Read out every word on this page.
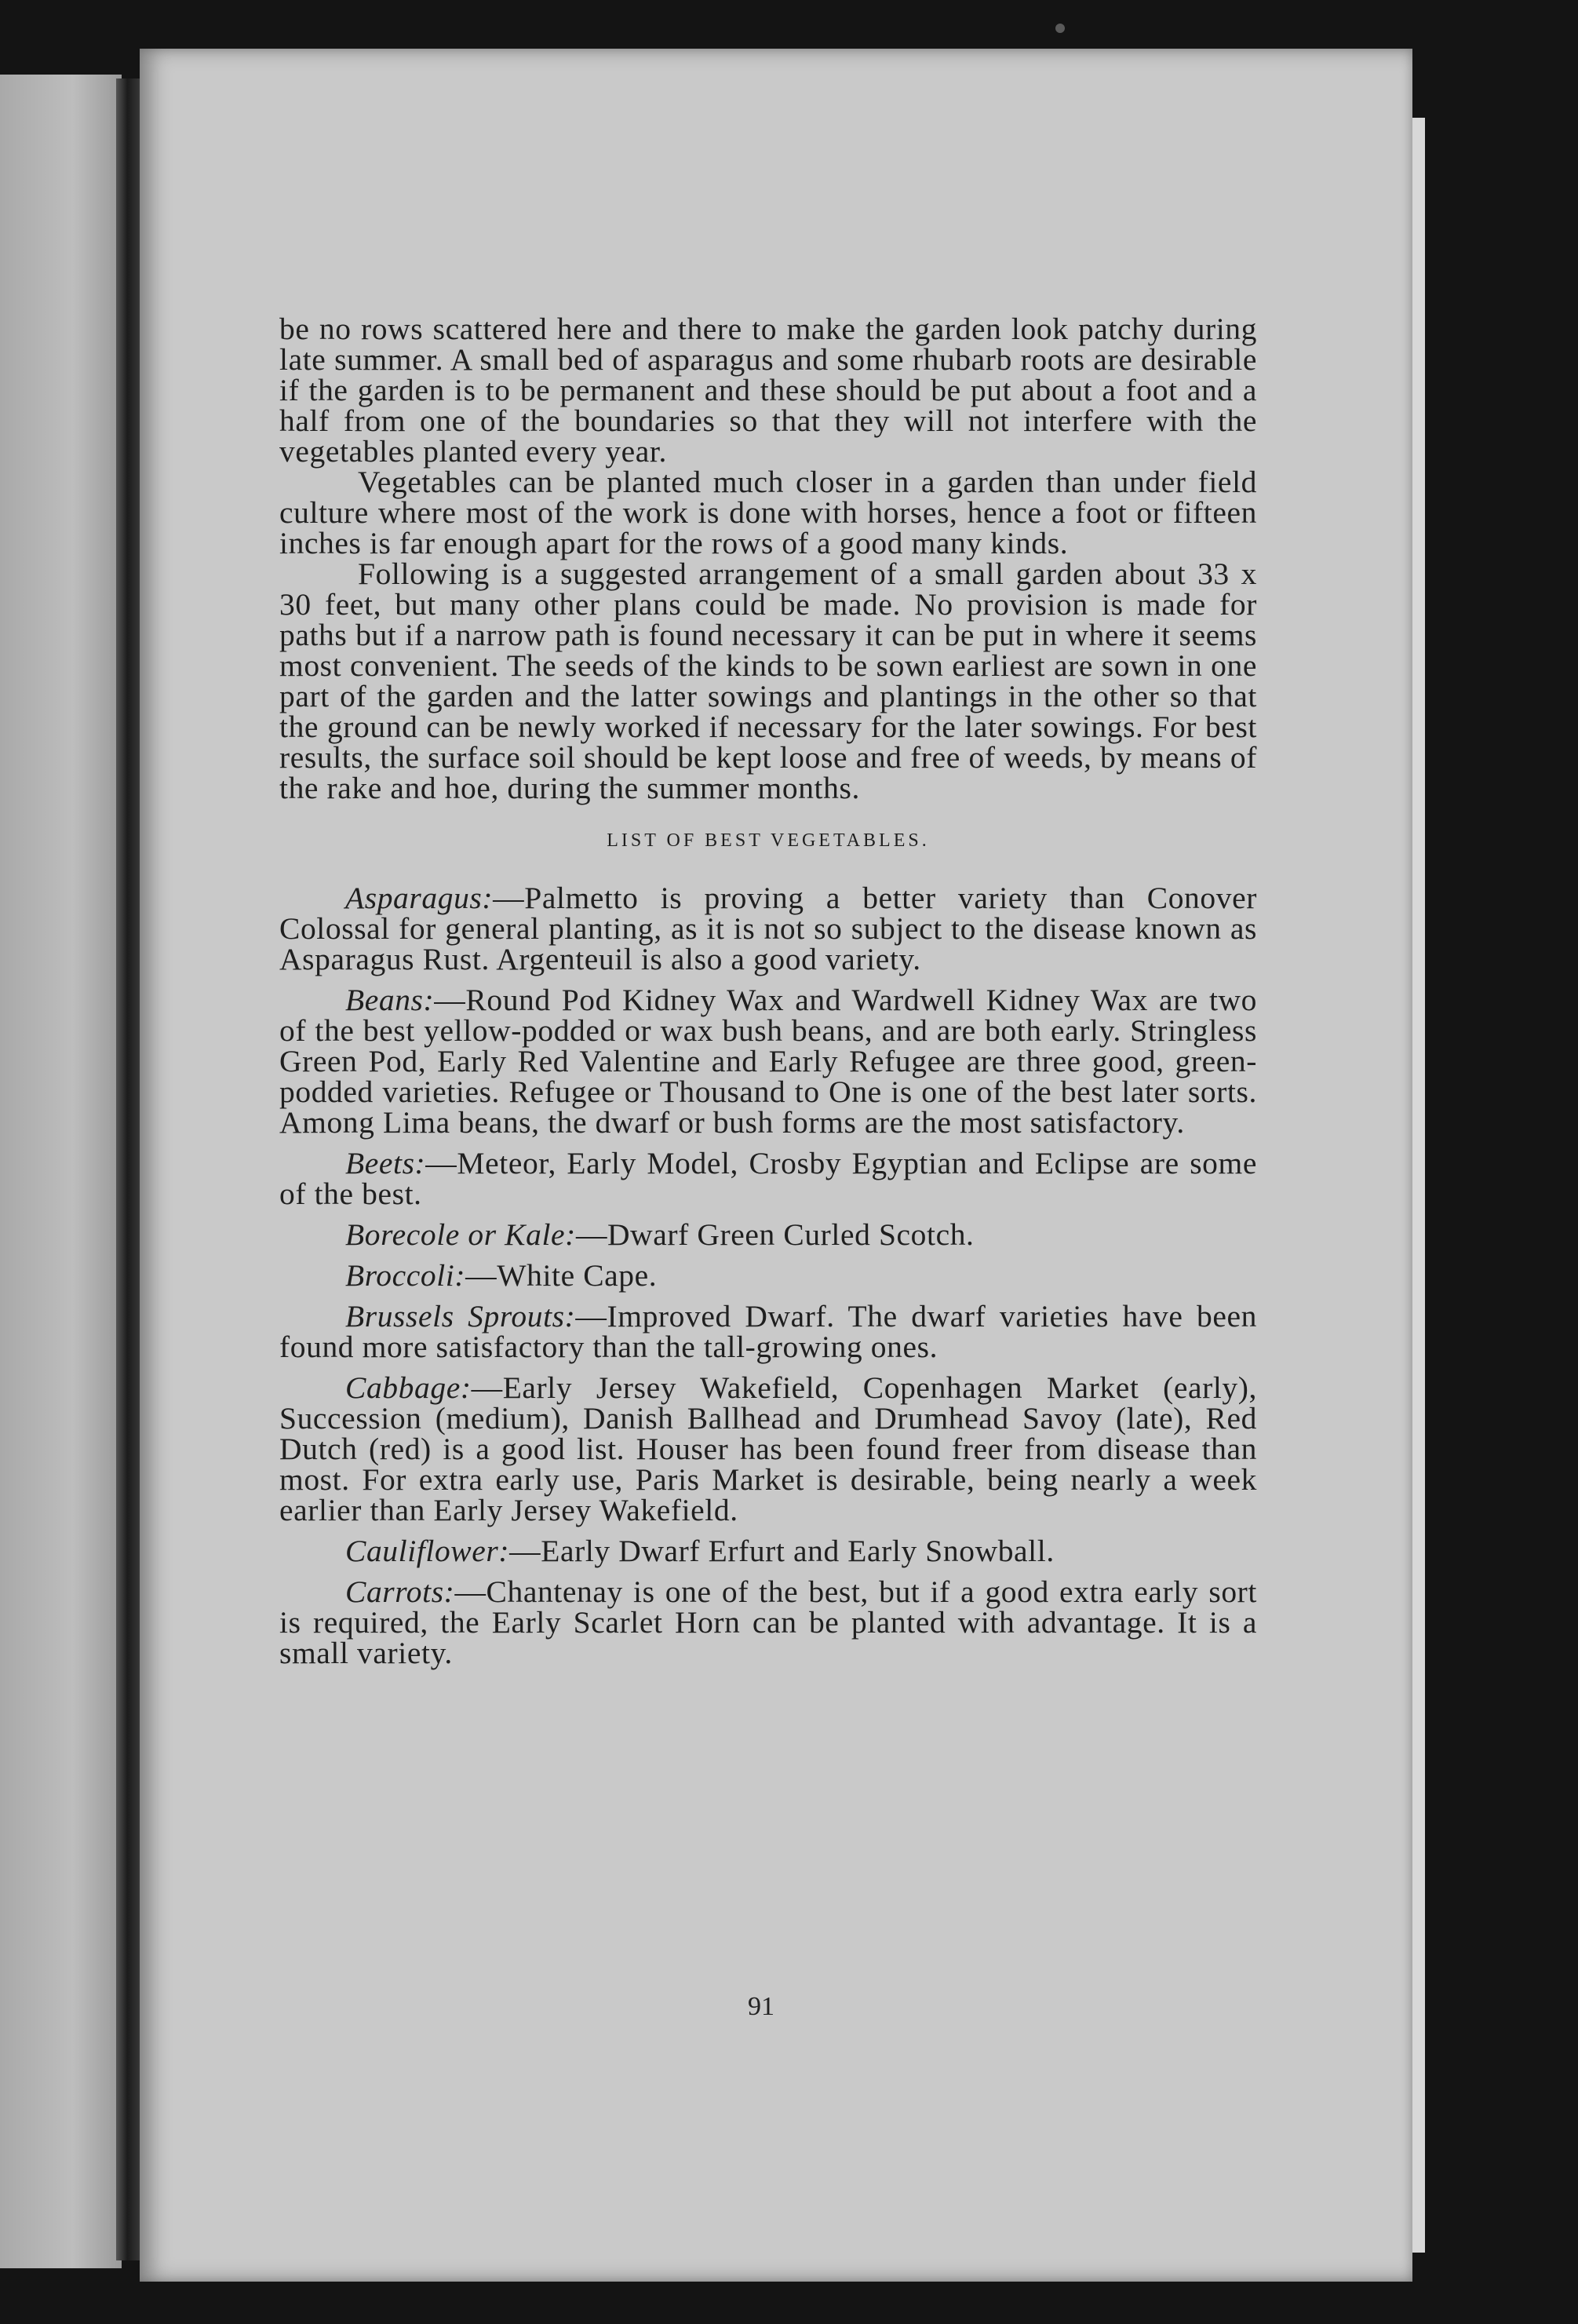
be no rows scattered here and there to make the garden look patchy during late summer. A small bed of asparagus and some rhubarb roots are desirable if the garden is to be permanent and these should be put about a foot and a half from one of the boundaries so that they will not interfere with the vegetables planted every year.

Vegetables can be planted much closer in a garden than under field culture where most of the work is done with horses, hence a foot or fifteen inches is far enough apart for the rows of a good many kinds.

Following is a suggested arrangement of a small garden about 33 x 30 feet, but many other plans could be made. No provision is made for paths but if a narrow path is found necessary it can be put in where it seems most convenient. The seeds of the kinds to be sown earliest are sown in one part of the garden and the latter sowings and plantings in the other so that the ground can be newly worked if necessary for the later sowings. For best results, the surface soil should be kept loose and free of weeds, by means of the rake and hoe, during the summer months.

LIST OF BEST VEGETABLES.

Asparagus:—Palmetto is proving a better variety than Conover Colossal for general planting, as it is not so subject to the disease known as Asparagus Rust. Argenteuil is also a good variety.

Beans:—Round Pod Kidney Wax and Wardwell Kidney Wax are two of the best yellow-podded or wax bush beans, and are both early. Stringless Green Pod, Early Red Valentine and Early Refugee are three good, green-podded varieties. Refugee or Thousand to One is one of the best later sorts. Among Lima beans, the dwarf or bush forms are the most satisfactory.

Beets:—Meteor, Early Model, Crosby Egyptian and Eclipse are some of the best.

Borecole or Kale:—Dwarf Green Curled Scotch.

Broccoli:—White Cape.

Brussels Sprouts:—Improved Dwarf. The dwarf varieties have been found more satisfactory than the tall-growing ones.

Cabbage:—Early Jersey Wakefield, Copenhagen Market (early), Succession (medium), Danish Ballhead and Drumhead Savoy (late), Red Dutch (red) is a good list. Houser has been found freer from disease than most. For extra early use, Paris Market is desirable, being nearly a week earlier than Early Jersey Wakefield.

Cauliflower:—Early Dwarf Erfurt and Early Snowball.

Carrots:—Chantenay is one of the best, but if a good extra early sort is required, the Early Scarlet Horn can be planted with advantage. It is a small variety.

91
